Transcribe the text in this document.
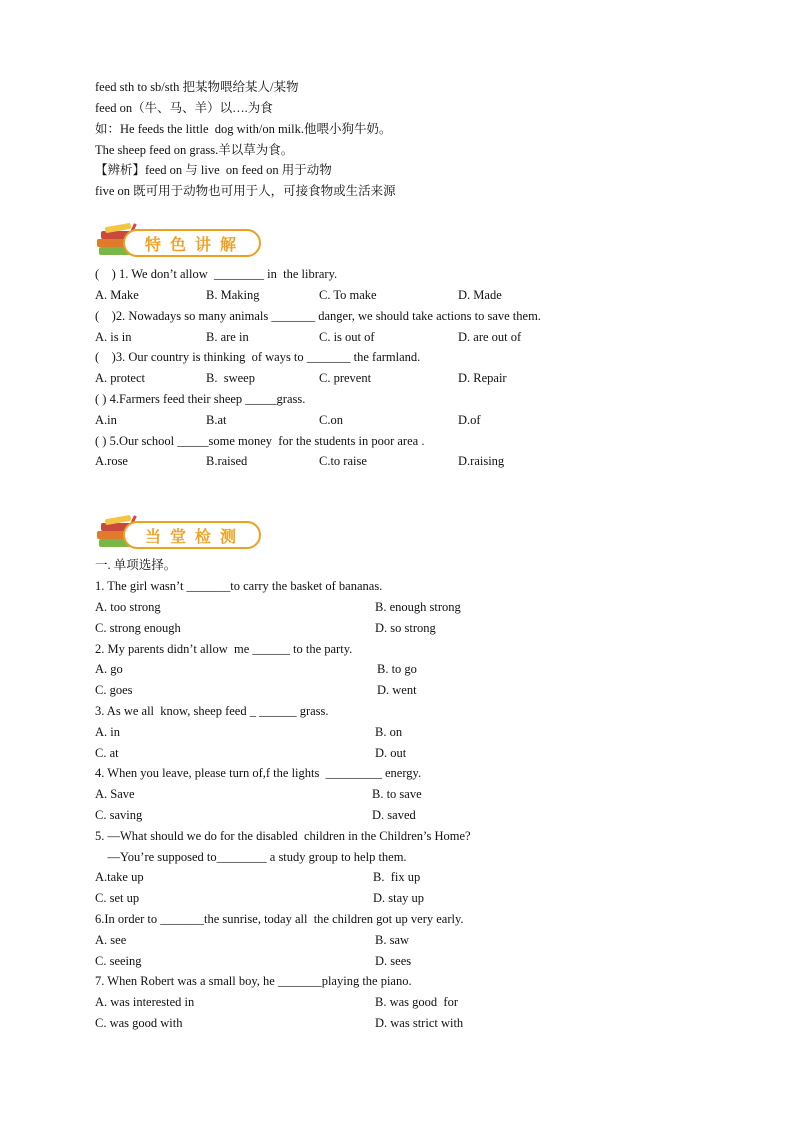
feed sth to sb/sth 把某物喂给某人/某物
feed on（牛、马、羊）以….为食
如：He feeds the little  dog with/on milk.他喂小狗牛奶。
The sheep feed on grass.羊以草为食。
【辨析】feed on 与 live  on feed on 用于动物
five on 既可用于动物也可用于人，可接食物或生活来源
特色讲解
(    ) 1. We don’t allow  ________ in  the library.
A. Make	B. Making	C. To make	D. Made
(    )2. Nowadays so many animals _______ danger, we should take actions to save them.
A. is in	B. are in	C. is out of	D. are out of
(    )3. Our country is thinking  of ways to _______ the farmland.
A. protect	B.  sweep	C. prevent	D. Repair
( ) 4.Farmers feed their sheep _____grass.
A.in	B.at	C.on	D.of
( ) 5.Our school _____some money  for the students in poor area .
A.rose	B.raised	C.to raise	D.raising
当堂检测
一. 单项选择。
1. The girl wasn’t _______to carry the basket of bananas.
A. too strong	B. enough strong
C. strong enough	D. so strong
2. My parents didn’t allow  me ______ to the party.
A. go	B. to go
C. goes	D. went
3. As we all  know, sheep feed _ ______ grass.
A. in	B. on
C. at	D. out
4. When you leave, please turn of,f the lights  _________ energy.
A. Save	B. to save
C. saving	D. saved
5. —What should we do for the disabled  children in the Children’s Home?
—You’re supposed to________ a study group to help them.
A.take up	B.  fix up
C. set up	D. stay up
6.In order to _______the sunrise, today all  the children got up very early.
A. see	B. saw
C. seeing	D. sees
7. When Robert was a small boy, he _______playing the piano.
A. was interested in	B. was good  for
C. was good with	D. was strict with
